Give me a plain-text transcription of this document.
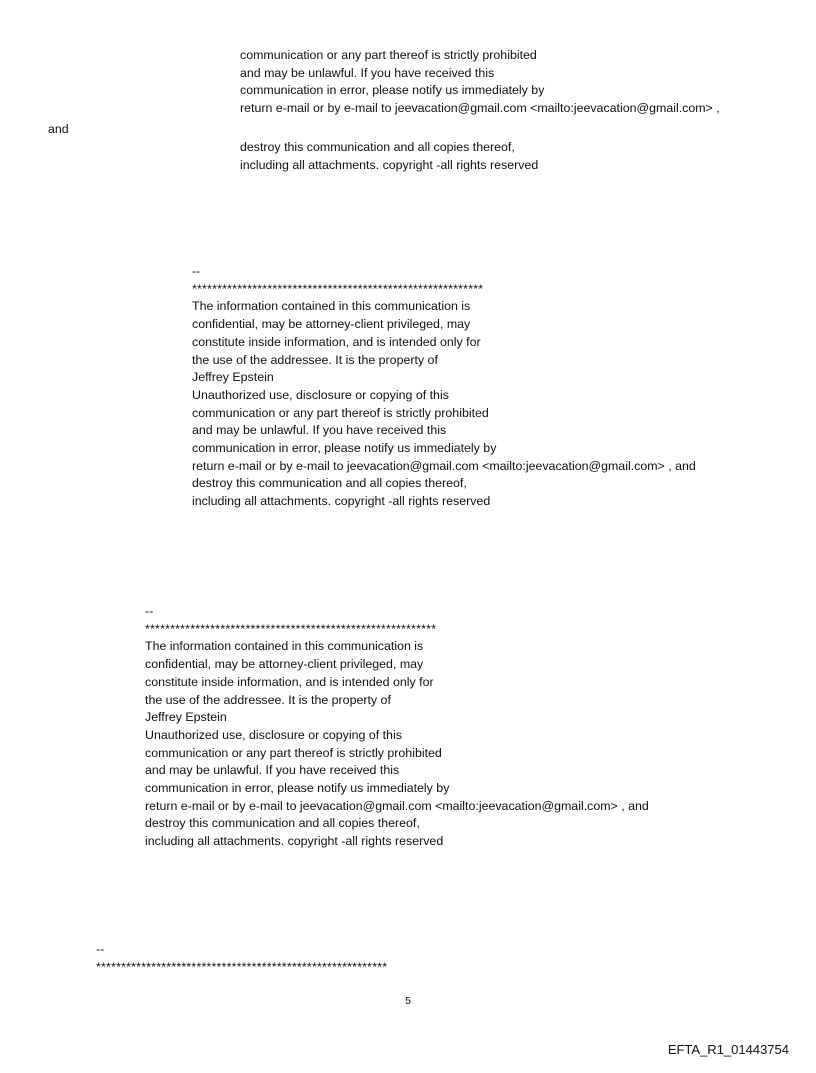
communication or any part thereof is strictly prohibited
and may be unlawful. If you have received this
communication in error, please notify us immediately by
return e-mail or by e-mail to jeevacation@gmail.com <mailto:jeevacation@gmail.com> ,
and
destroy this communication and all copies thereof,
including all attachments. copyright -all rights reserved
--
**********************************************************
The information contained in this communication is
confidential, may be attorney-client privileged, may
constitute inside information, and is intended only for
the use of the addressee. It is the property of
Jeffrey Epstein
Unauthorized use, disclosure or copying of this
communication or any part thereof is strictly prohibited
and may be unlawful. If you have received this
communication in error, please notify us immediately by
return e-mail or by e-mail to jeevacation@gmail.com <mailto:jeevacation@gmail.com> , and
destroy this communication and all copies thereof,
including all attachments. copyright -all rights reserved
--
**********************************************************
The information contained in this communication is
confidential, may be attorney-client privileged, may
constitute inside information, and is intended only for
the use of the addressee. It is the property of
Jeffrey Epstein
Unauthorized use, disclosure or copying of this
communication or any part thereof is strictly prohibited
and may be unlawful. If you have received this
communication in error, please notify us immediately by
return e-mail or by e-mail to jeevacation@gmail.com <mailto:jeevacation@gmail.com> , and
destroy this communication and all copies thereof,
including all attachments. copyright -all rights reserved
--
**********************************************************
5
EFTA_R1_01443754
